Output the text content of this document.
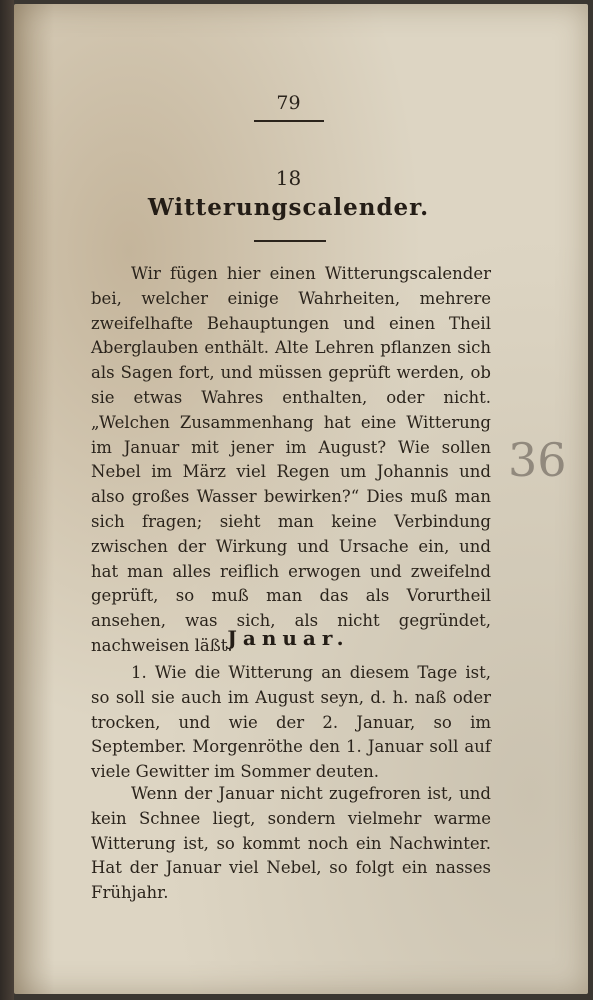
79
18
Witterungscalender.
Wir fügen hier einen Witterungscalender bei, welcher einige Wahrheiten, mehrere zweifelhafte Behauptungen und einen Theil Aberglauben enthält. Alte Lehren pflanzen sich als Sagen fort, und müssen geprüft werden, ob sie etwas Wahres enthalten, oder nicht. „Welchen Zusammenhang hat eine Witterung im Januar mit jener im August? Wie sollen Nebel im März viel Regen um Johannis und also großes Wasser bewirken?“ Dies muß man sich fragen; sieht man keine Verbindung zwischen der Wirkung und Ursache ein, und hat man alles reiflich erwogen und zweifelnd geprüft, so muß man das als Vorurtheil ansehen, was sich, als nicht gegründet, nachweisen läßt.
Januar.
1. Wie die Witterung an diesem Tage ist, so soll sie auch im August seyn, d. h. naß oder trocken, und wie der 2. Januar, so im September. Morgenröthe den 1. Januar soll auf viele Gewitter im Sommer deuten.
Wenn der Januar nicht zugefroren ist, und kein Schnee liegt, sondern vielmehr warme Witterung ist, so kommt noch ein Nachwinter. Hat der Januar viel Nebel, so folgt ein nasses Frühjahr.
36
